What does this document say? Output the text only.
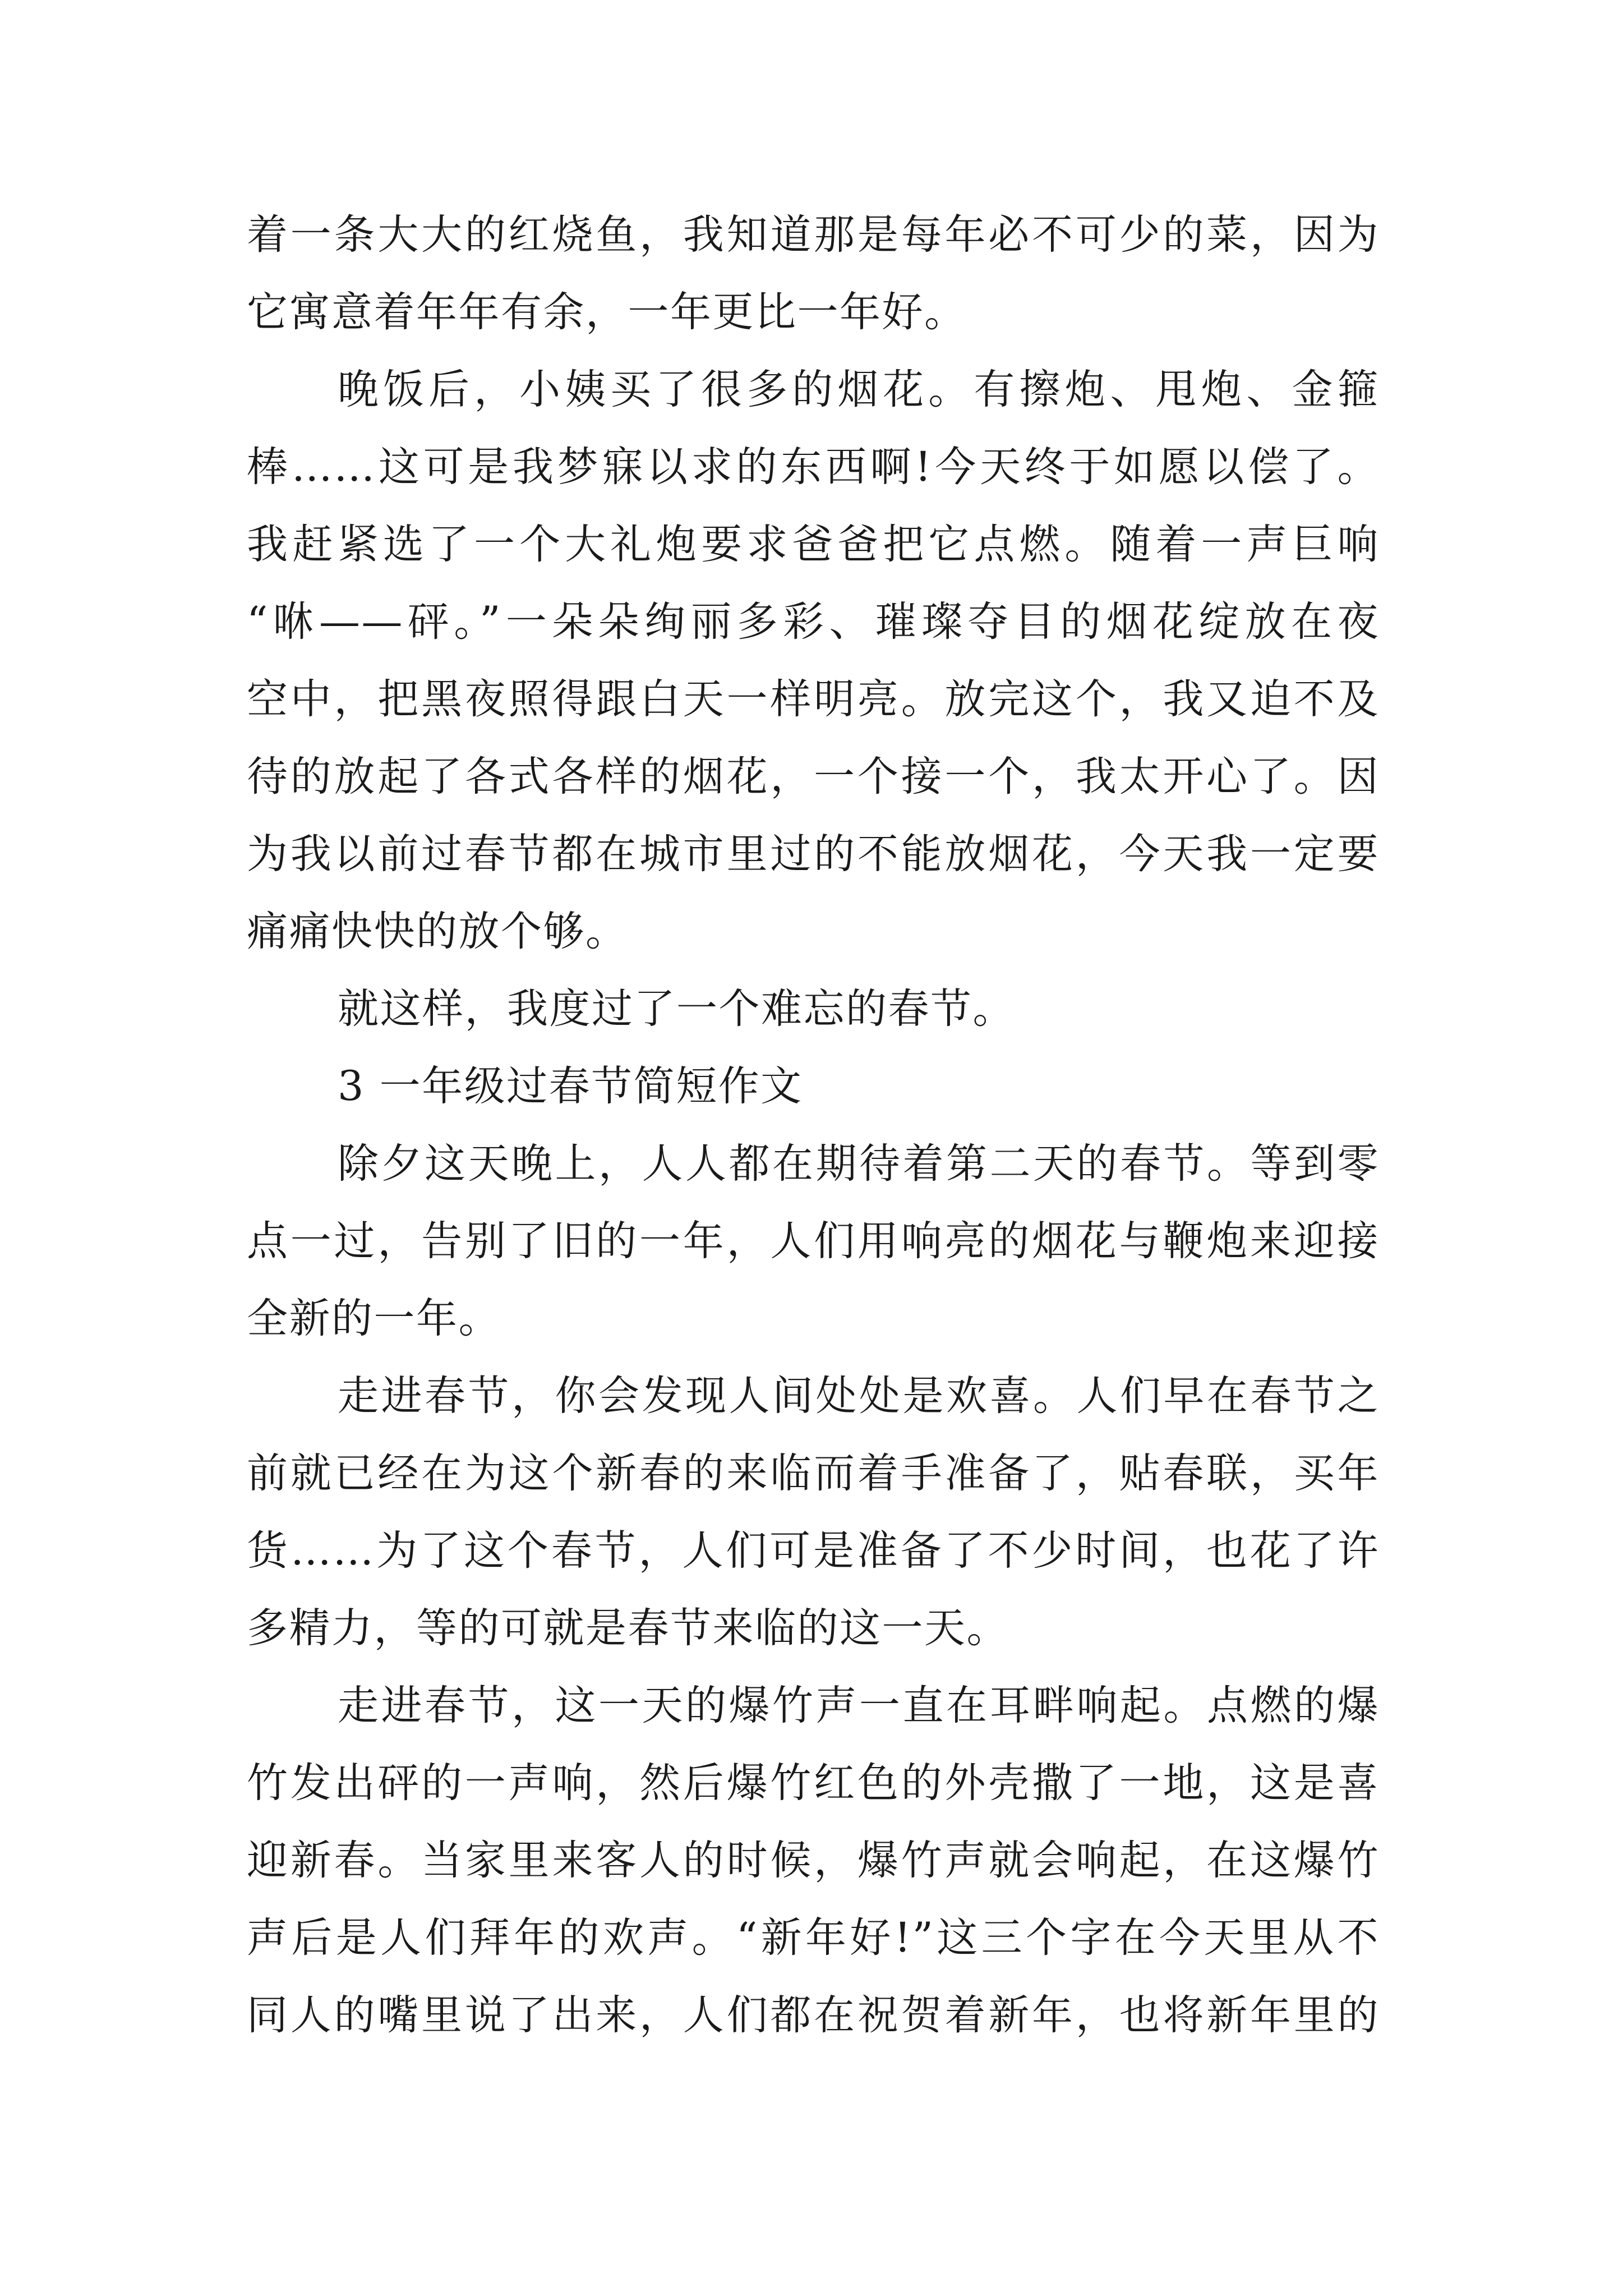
着一条大大的红烧鱼，我知道那是每年必不可少的菜，因为
它寓意着年年有余，一年更比一年好。
晚饭后，小姨买了很多的烟花。有擦炮、甩炮、金箍
棒……这可是我梦寐以求的东西啊!今天终于如愿以偿了。
我赶紧选了一个大礼炮要求爸爸把它点燃。随着一声巨响
“咻——砰。”一朵朵绚丽多彩、璀璨夺目的烟花绽放在夜
空中，把黑夜照得跟白天一样明亮。放完这个，我又迫不及
待的放起了各式各样的烟花，一个接一个，我太开心了。因
为我以前过春节都在城市里过的不能放烟花，今天我一定要
痛痛快快的放个够。
就这样，我度过了一个难忘的春节。
3 一年级过春节简短作文
除夕这天晚上，人人都在期待着第二天的春节。等到零
点一过，告别了旧的一年，人们用响亮的烟花与鞭炮来迎接
全新的一年。
走进春节，你会发现人间处处是欢喜。人们早在春节之
前就已经在为这个新春的来临而着手准备了，贴春联，买年
货……为了这个春节，人们可是准备了不少时间，也花了许
多精力，等的可就是春节来临的这一天。
走进春节，这一天的爆竹声一直在耳畔响起。点燃的爆
竹发出砰的一声响，然后爆竹红色的外壳撒了一地，这是喜
迎新春。当家里来客人的时候，爆竹声就会响起，在这爆竹
声后是人们拜年的欢声。“新年好!”这三个字在今天里从不
同人的嘴里说了出来，人们都在祝贺着新年，也将新年里的
